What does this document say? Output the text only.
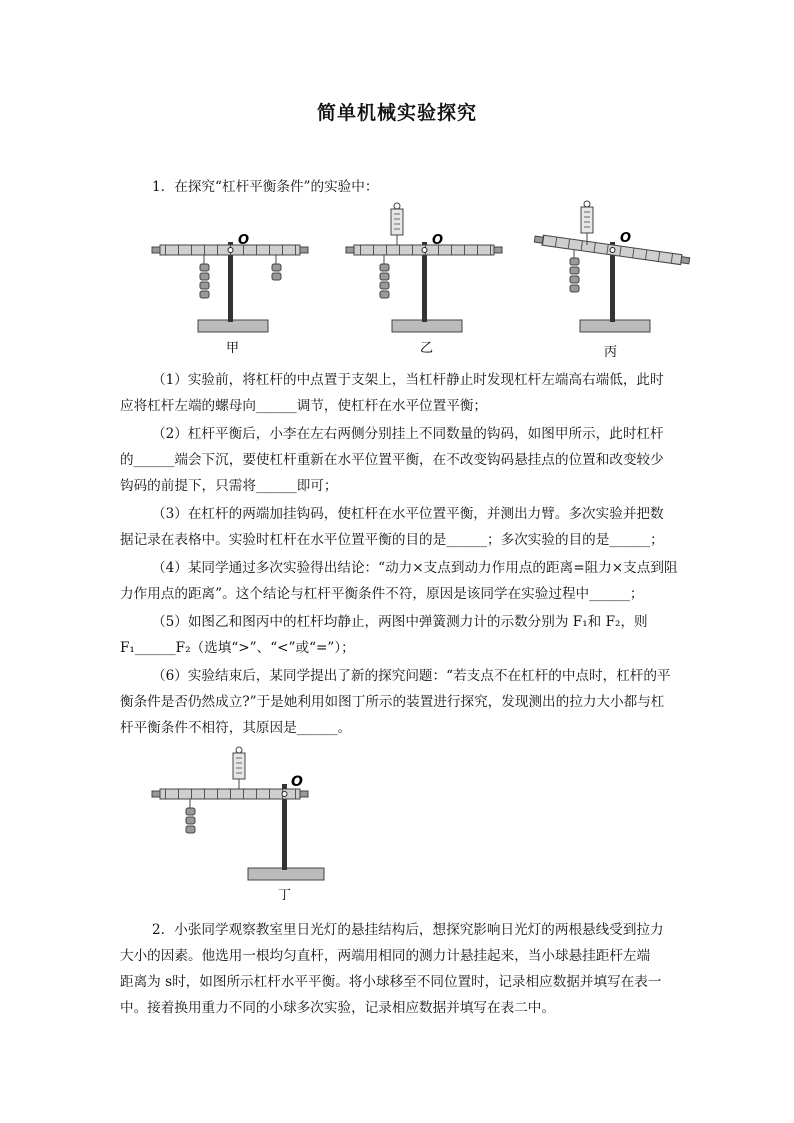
简单机械实验探究
1．在探究“杠杆平衡条件”的实验中：
O
甲
O
乙
O
丙
（1）实验前，将杠杆的中点置于支架上，当杠杆静止时发现杠杆左端高右端低，此时
应将杠杆左端的螺母向______调节，使杠杆在水平位置平衡；
（2）杠杆平衡后，小李在左右两侧分别挂上不同数量的钩码，如图甲所示，此时杠杆
的______端会下沉，要使杠杆重新在水平位置平衡，在不改变钩码悬挂点的位置和改变较少
钩码的前提下，只需将______即可；
（3）在杠杆的两端加挂钩码，使杠杆在水平位置平衡，并测出力臂。多次实验并把数
据记录在表格中。实验时杠杆在水平位置平衡的目的是______；多次实验的目的是______；
（4）某同学通过多次实验得出结论：“动力×支点到动力作用点的距离=阻力×支点到阻
力作用点的距离”。这个结论与杠杆平衡条件不符，原因是该同学在实验过程中______；
（5）如图乙和图丙中的杠杆均静止，两图中弹簧测力计的示数分别为 F₁和 F₂，则
F₁______F₂（选填“>”、“<”或“=”）；
（6）实验结束后，某同学提出了新的探究问题：“若支点不在杠杆的中点时，杠杆的平
衡条件是否仍然成立?”于是她利用如图丁所示的装置进行探究，发现测出的拉力大小都与杠
杆平衡条件不相符，其原因是______。
O
丁
2．小张同学观察教室里日光灯的悬挂结构后，想探究影响日光灯的两根悬线受到拉力
大小的因素。他选用一根均匀直杆，两端用相同的测力计悬挂起来，当小球悬挂距杆左端
距离为 s时，如图所示杠杆水平平衡。将小球移至不同位置时，记录相应数据并填写在表一
中。接着换用重力不同的小球多次实验，记录相应数据并填写在表二中。
